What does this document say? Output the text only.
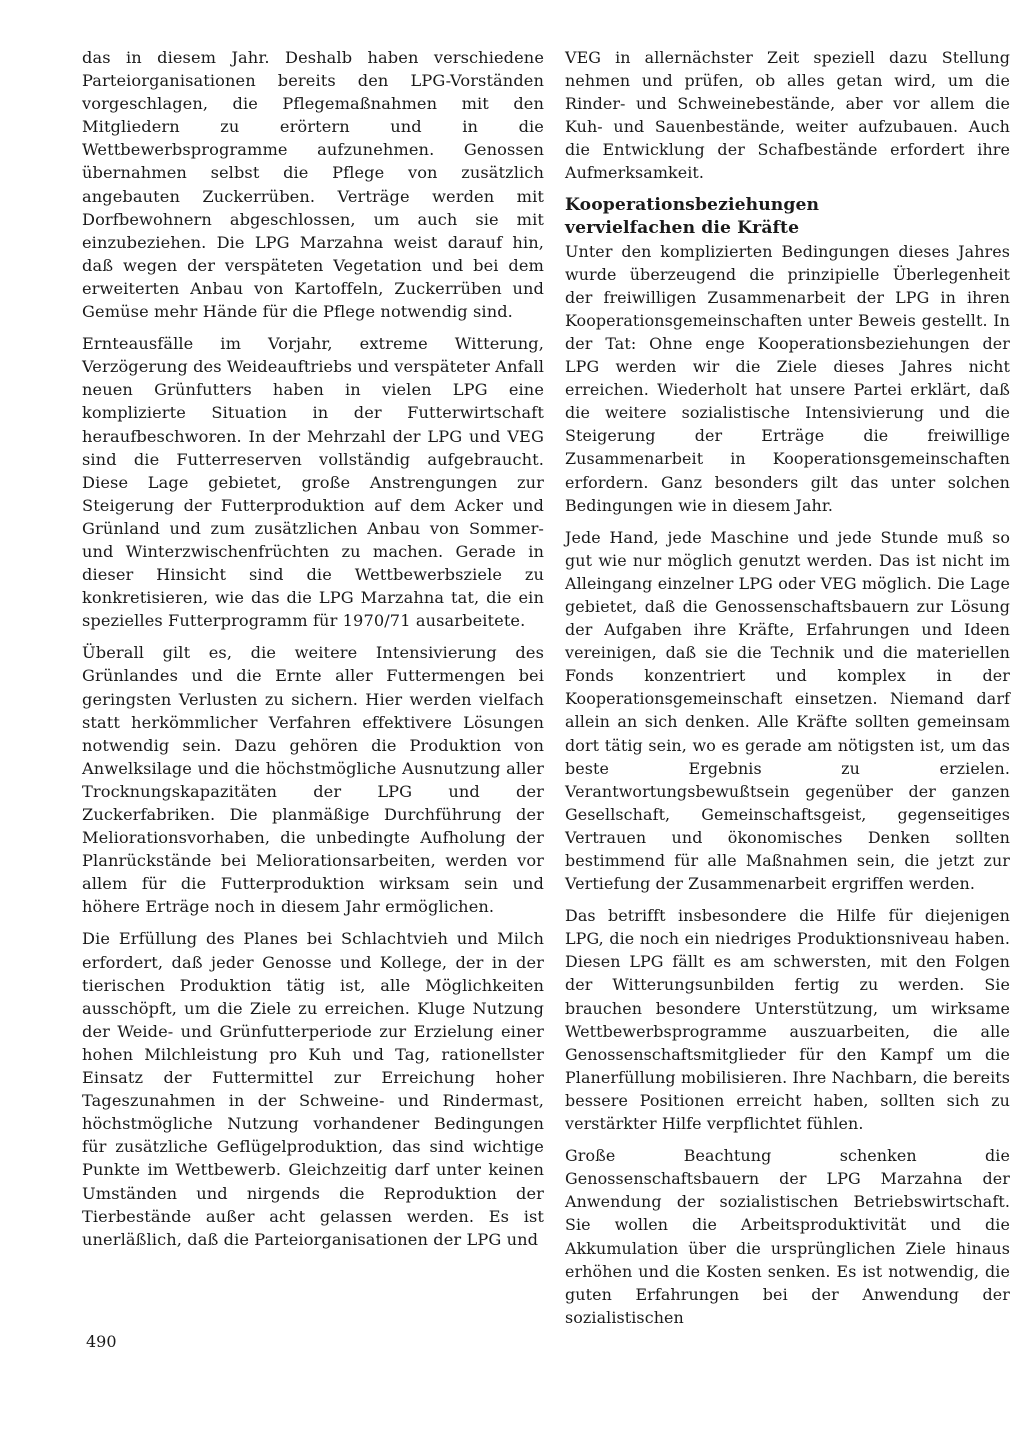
das in diesem Jahr. Deshalb haben verschiedene Parteiorganisationen bereits den LPG-Vorständen vorgeschlagen, die Pflegemaßnahmen mit den Mitgliedern zu erörtern und in die Wettbewerbsprogramme aufzunehmen. Genossen übernahmen selbst die Pflege von zusätzlich angebauten Zuckerrüben. Verträge werden mit Dorfbewohnern abgeschlossen, um auch sie mit einzubeziehen. Die LPG Marzahna weist darauf hin, daß wegen der verspäteten Vegetation und bei dem erweiterten Anbau von Kartoffeln, Zuckerrüben und Gemüse mehr Hände für die Pflege notwendig sind.

Ernteausfälle im Vorjahr, extreme Witterung, Verzögerung des Weideauftriebs und verspäteter Anfall neuen Grünfutters haben in vielen LPG eine komplizierte Situation in der Futterwirtschaft heraufbeschworen. In der Mehrzahl der LPG und VEG sind die Futterreserven vollständig aufgebraucht. Diese Lage gebietet, große Anstrengungen zur Steigerung der Futterproduktion auf dem Acker und Grünland und zum zusätzlichen Anbau von Sommer- und Winterzwischenfrüchten zu machen. Gerade in dieser Hinsicht sind die Wettbewerbsziele zu konkretisieren, wie das die LPG Marzahna tat, die ein spezielles Futterprogramm für 1970/71 ausarbeitete.

Überall gilt es, die weitere Intensivierung des Grünlandes und die Ernte aller Futtermengen bei geringsten Verlusten zu sichern. Hier werden vielfach statt herkömmlicher Verfahren effektivere Lösungen notwendig sein. Dazu gehören die Produktion von Anwelksilage und die höchstmögliche Ausnutzung aller Trocknungskapazitäten der LPG und der Zuckerfabriken. Die planmäßige Durchführung der Meliorationsvorhaben, die unbedingte Aufholung der Planrückstände bei Meliorationsarbeiten, werden vor allem für die Futterproduktion wirksam sein und höhere Erträge noch in diesem Jahr ermöglichen.

Die Erfüllung des Planes bei Schlachtvieh und Milch erfordert, daß jeder Genosse und Kollege, der in der tierischen Produktion tätig ist, alle Möglichkeiten ausschöpft, um die Ziele zu erreichen. Kluge Nutzung der Weide- und Grünfutterperiode zur Erzielung einer hohen Milchleistung pro Kuh und Tag, rationellster Einsatz der Futtermittel zur Erreichung hoher Tageszunahmen in der Schweine- und Rindermast, höchstmögliche Nutzung vorhandener Bedingungen für zusätzliche Geflügelproduktion, das sind wichtige Punkte im Wettbewerb. Gleichzeitig darf unter keinen Umständen und nirgends die Reproduktion der Tierbestände außer acht gelassen werden. Es ist unerläßlich, daß die Parteiorganisationen der LPG und

VEG in allernächster Zeit speziell dazu Stellung nehmen und prüfen, ob alles getan wird, um die Rinder- und Schweinebestände, aber vor allem die Kuh- und Sauenbestände, weiter aufzubauen. Auch die Entwicklung der Schafbestände erfordert ihre Aufmerksamkeit.

Kooperationsbeziehungen
vervielfachen die Kräfte

Unter den komplizierten Bedingungen dieses Jahres wurde überzeugend die prinzipielle Überlegenheit der freiwilligen Zusammenarbeit der LPG in ihren Kooperationsgemeinschaften unter Beweis gestellt. In der Tat: Ohne enge Kooperationsbeziehungen der LPG werden wir die Ziele dieses Jahres nicht erreichen. Wiederholt hat unsere Partei erklärt, daß die weitere sozialistische Intensivierung und die Steigerung der Erträge die freiwillige Zusammenarbeit in Kooperationsgemeinschaften erfordern. Ganz besonders gilt das unter solchen Bedingungen wie in diesem Jahr.

Jede Hand, jede Maschine und jede Stunde muß so gut wie nur möglich genutzt werden. Das ist nicht im Alleingang einzelner LPG oder VEG möglich. Die Lage gebietet, daß die Genossenschaftsbauern zur Lösung der Aufgaben ihre Kräfte, Erfahrungen und Ideen vereinigen, daß sie die Technik und die materiellen Fonds konzentriert und komplex in der Kooperationsgemeinschaft einsetzen. Niemand darf allein an sich denken. Alle Kräfte sollten gemeinsam dort tätig sein, wo es gerade am nötigsten ist, um das beste Ergebnis zu erzielen. Verantwortungsbewußtsein gegenüber der ganzen Gesellschaft, Gemeinschaftsgeist, gegenseitiges Vertrauen und ökonomisches Denken sollten bestimmend für alle Maßnahmen sein, die jetzt zur Vertiefung der Zusammenarbeit ergriffen werden.

Das betrifft insbesondere die Hilfe für diejenigen LPG, die noch ein niedriges Produktionsniveau haben. Diesen LPG fällt es am schwersten, mit den Folgen der Witterungsunbilden fertig zu werden. Sie brauchen besondere Unterstützung, um wirksame Wettbewerbsprogramme auszuarbeiten, die alle Genossenschaftsmitglieder für den Kampf um die Planerfüllung mobilisieren. Ihre Nachbarn, die bereits bessere Positionen erreicht haben, sollten sich zu verstärkter Hilfe verpflichtet fühlen.

Große Beachtung schenken die Genossenschaftsbauern der LPG Marzahna der Anwendung der sozialistischen Betriebswirtschaft. Sie wollen die Arbeitsproduktivität und die Akkumulation über die ursprünglichen Ziele hinaus erhöhen und die Kosten senken. Es ist notwendig, die guten Erfahrungen bei der Anwendung der sozialistischen

490
